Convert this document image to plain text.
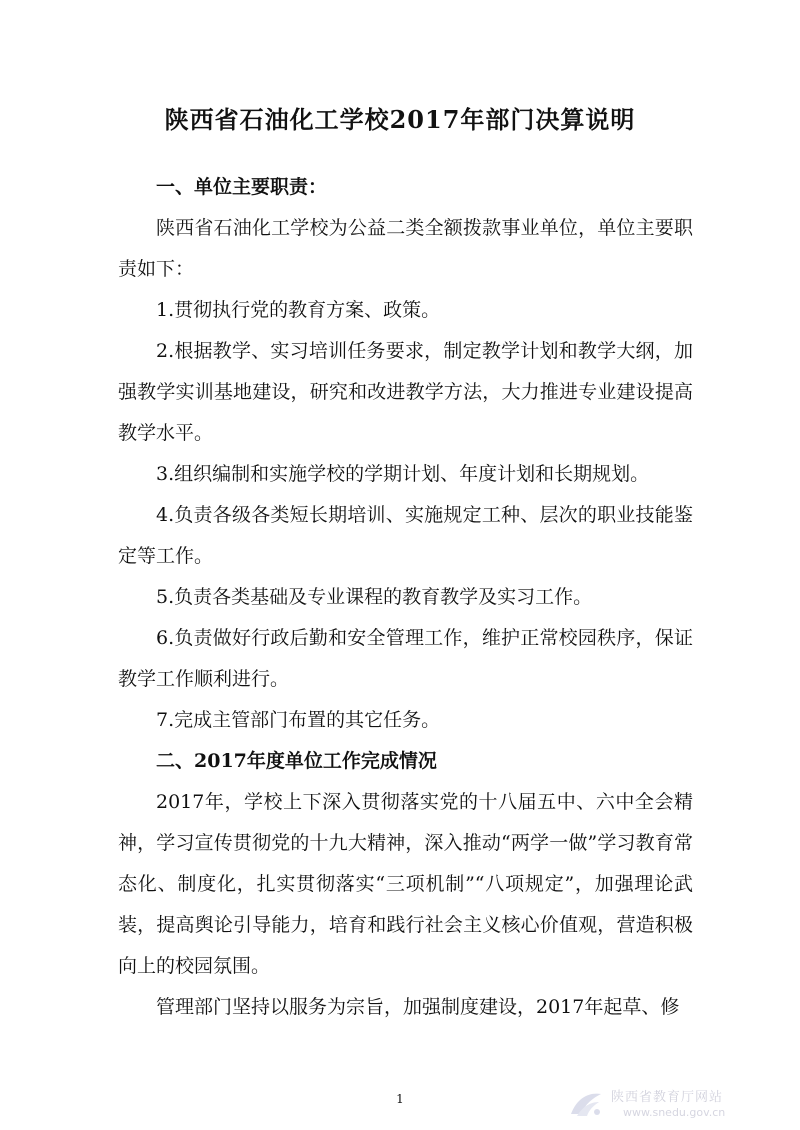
陕西省石油化工学校2017年部门决算说明

一、单位主要职责：

陕西省石油化工学校为公益二类全额拨款事业单位，单位主要职责如下：

1.贯彻执行党的教育方案、政策。

2.根据教学、实习培训任务要求，制定教学计划和教学大纲，加强教学实训基地建设，研究和改进教学方法，大力推进专业建设提高教学水平。

3.组织编制和实施学校的学期计划、年度计划和长期规划。

4.负责各级各类短长期培训、实施规定工种、层次的职业技能鉴定等工作。

5.负责各类基础及专业课程的教育教学及实习工作。

6.负责做好行政后勤和安全管理工作，维护正常校园秩序，保证教学工作顺利进行。

7.完成主管部门布置的其它任务。

二、2017年度单位工作完成情况

2017年，学校上下深入贯彻落实党的十八届五中、六中全会精神，学习宣传贯彻党的十九大精神，深入推动“两学一做”学习教育常态化、制度化，扎实贯彻落实“三项机制”“八项规定”，加强理论武装，提高舆论引导能力，培育和践行社会主义核心价值观，营造积极向上的校园氛围。

管理部门坚持以服务为宗旨，加强制度建设，2017年起草、修

1	陕西省教育厅网站
www.snedu.gov.cn
